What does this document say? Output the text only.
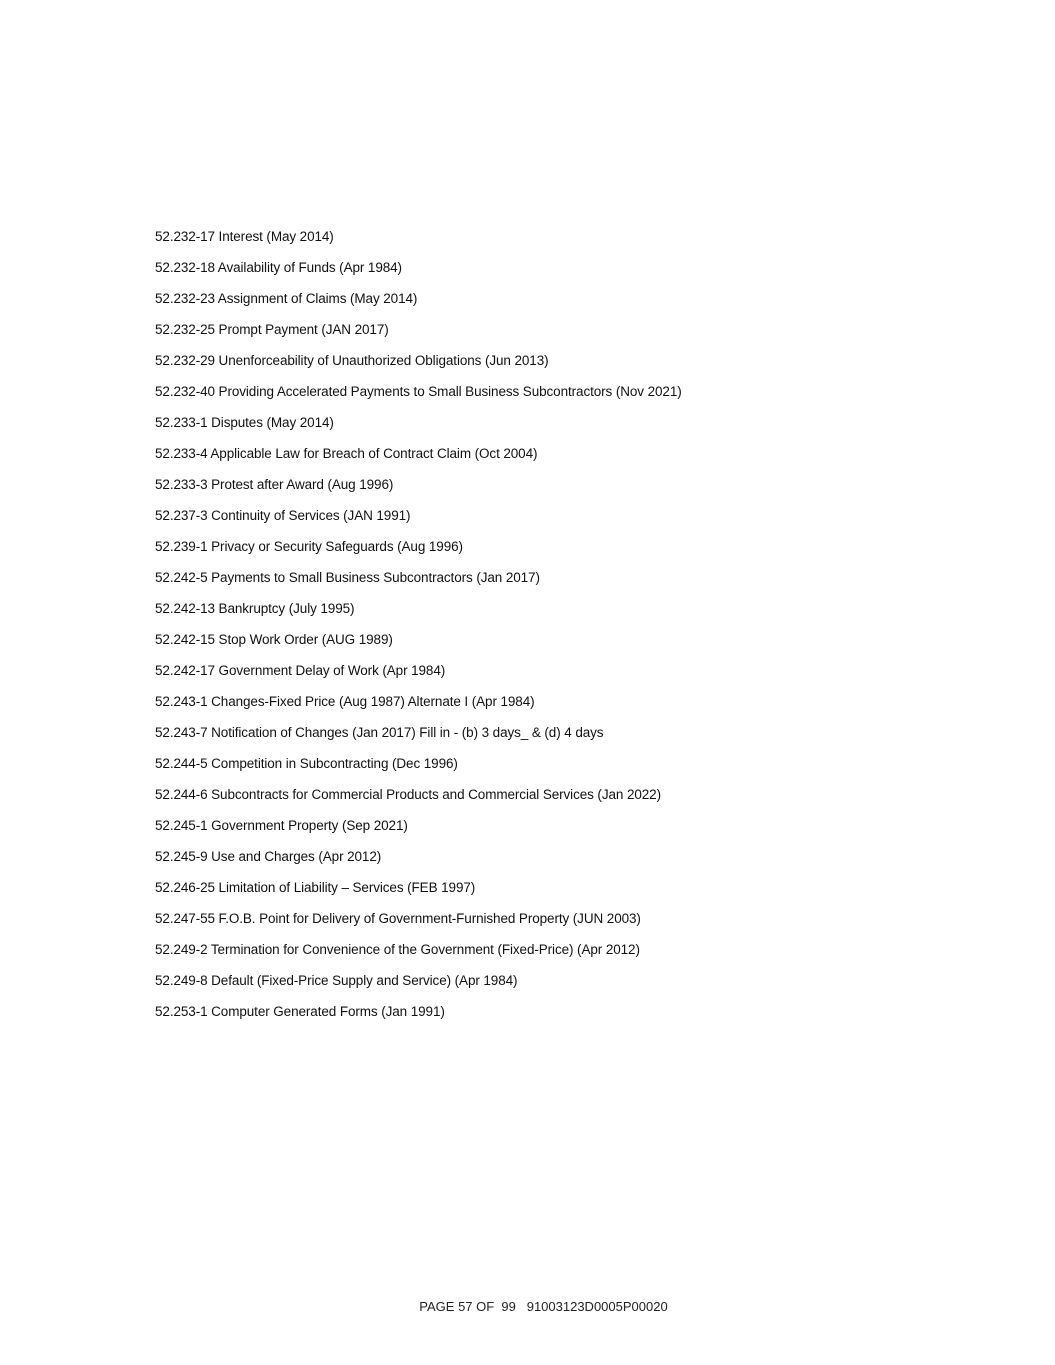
52.232-17 Interest (May 2014)
52.232-18 Availability of Funds (Apr 1984)
52.232-23 Assignment of Claims (May 2014)
52.232-25 Prompt Payment (JAN 2017)
52.232-29 Unenforceability of Unauthorized Obligations (Jun 2013)
52.232-40 Providing Accelerated Payments to Small Business Subcontractors (Nov 2021)
52.233-1 Disputes (May 2014)
52.233-4 Applicable Law for Breach of Contract Claim (Oct 2004)
52.233-3 Protest after Award (Aug 1996)
52.237-3 Continuity of Services (JAN 1991)
52.239-1 Privacy or Security Safeguards (Aug 1996)
52.242-5 Payments to Small Business Subcontractors (Jan 2017)
52.242-13 Bankruptcy (July 1995)
52.242-15 Stop Work Order (AUG 1989)
52.242-17 Government Delay of Work (Apr 1984)
52.243-1 Changes-Fixed Price (Aug 1987) Alternate I (Apr 1984)
52.243-7 Notification of Changes (Jan 2017) Fill in - (b) 3 days_ & (d) 4 days
52.244-5 Competition in Subcontracting (Dec 1996)
52.244-6 Subcontracts for Commercial Products and Commercial Services (Jan 2022)
52.245-1 Government Property (Sep 2021)
52.245-9 Use and Charges (Apr 2012)
52.246-25 Limitation of Liability – Services (FEB 1997)
52.247-55 F.O.B. Point for Delivery of Government-Furnished Property (JUN 2003)
52.249-2 Termination for Convenience of the Government (Fixed-Price) (Apr 2012)
52.249-8 Default (Fixed-Price Supply and Service) (Apr 1984)
52.253-1 Computer Generated Forms (Jan 1991)
PAGE 57 OF  99   91003123D0005P00020
